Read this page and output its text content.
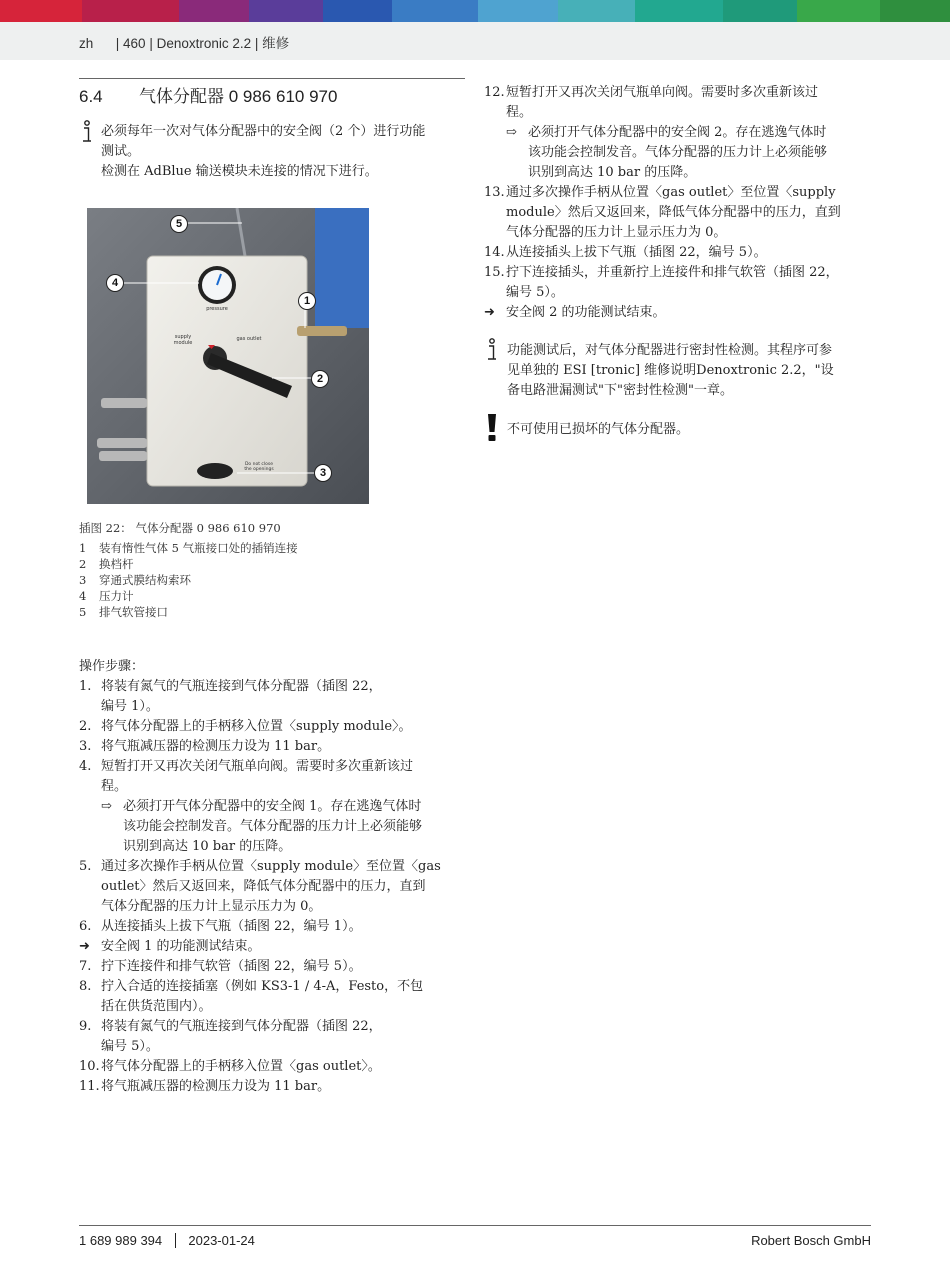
zh      | 460 | Denoxtronic 2.2 | 维修
6.4 气体分配器 0 986 610 970
必须每年一次对气体分配器中的安全阀（2 个）进行功能
测试。
检测在 AdBlue 输送模块未连接的情况下进行。
pressure
supply module
gas outlet
Do not close the openings
5
4
1
2
3
插图 22： 气体分配器 0 986 610 970
1	装有惰性气体 5 气瓶接口处的插销连接
2	换档杆
3	穿通式膜结构索环
4	压力计
5	排气软管接口
操作步骤：
1. 将装有氮气的气瓶连接到气体分配器（插图 22，
编号 1）。
2. 将气体分配器上的手柄移入位置〈supply module〉。
3. 将气瓶减压器的检测压力设为 11 bar。
4. 短暂打开又再次关闭气瓶单向阀。需要时多次重新该过
程。
⇨ 必须打开气体分配器中的安全阀 1。存在逃逸气体时
该功能会控制发音。气体分配器的压力计上必须能够
识别到高达 10 bar 的压降。
5. 通过多次操作手柄从位置〈supply module〉至位置〈gas
outlet〉然后又返回来，降低气体分配器中的压力，直到
气体分配器的压力计上显示压力为 0。
6. 从连接插头上拔下气瓶（插图 22，编号 1）。
➜ 安全阀 1 的功能测试结束。
7. 拧下连接件和排气软管（插图 22，编号 5）。
8. 拧入合适的连接插塞（例如 KS3-1 / 4-A，Festo，不包
括在供货范围内）。
9. 将装有氮气的气瓶连接到气体分配器（插图 22，
编号 5）。
10. 将气体分配器上的手柄移入位置〈gas outlet〉。
11. 将气瓶减压器的检测压力设为 11 bar。
12. 短暂打开又再次关闭气瓶单向阀。需要时多次重新该过
程。
⇨ 必须打开气体分配器中的安全阀 2。存在逃逸气体时
该功能会控制发音。气体分配器的压力计上必须能够
识别到高达 10 bar 的压降。
13. 通过多次操作手柄从位置〈gas outlet〉至位置〈supply
module〉然后又返回来，降低气体分配器中的压力，直到
气体分配器的压力计上显示压力为 0。
14. 从连接插头上拔下气瓶（插图 22，编号 5）。
15. 拧下连接插头，并重新拧上连接件和排气软管（插图 22，
编号 5）。
➜ 安全阀 2 的功能测试结束。
功能测试后，对气体分配器进行密封性检测。其程序可参
见单独的 ESI [tronic] 维修说明Denoxtronic 2.2，"设
备电路泄漏测试"下"密封性检测"一章。
不可使用已损坏的气体分配器。
1 689 989 394 2023-01-24	Robert Bosch GmbH
